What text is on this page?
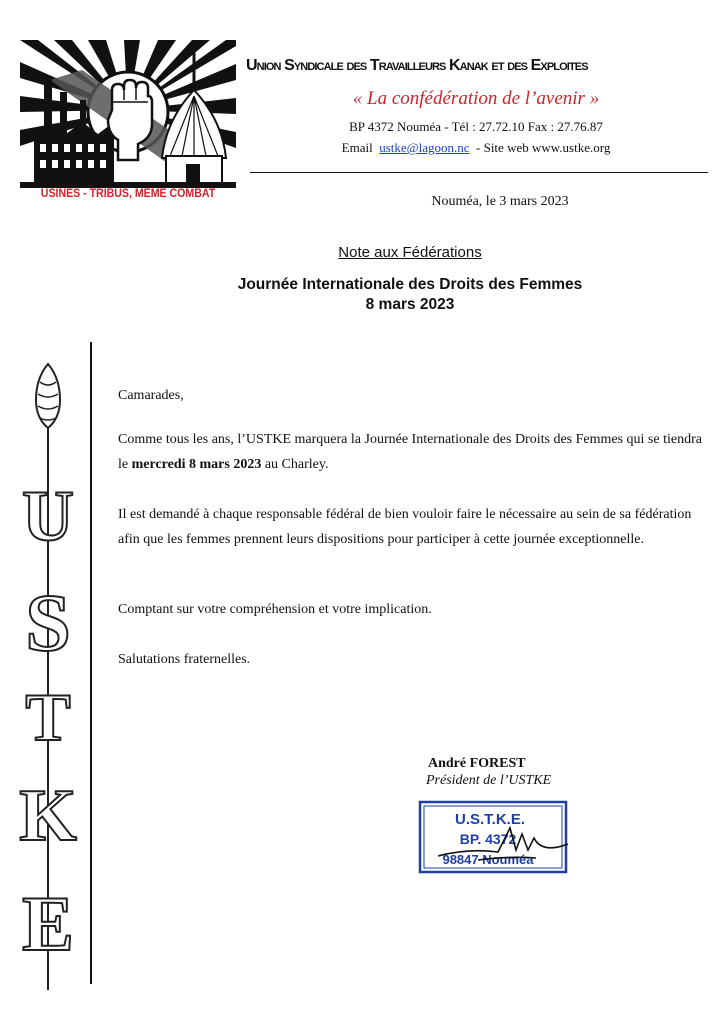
USINES - TRIBUS, MEME COMBAT
Union Syndicale des Travailleurs Kanak et des Exploites
« La confédération de l’avenir »
BP 4372 Nouméa - Tél : 27.72.10 Fax : 27.76.87
Email ustke@lagoon.nc - Site web www.ustke.org
Nouméa, le 3 mars 2023
Note aux Fédérations
Journée Internationale des Droits des Femmes
8 mars 2023
U
S
T
K
E
Camarades,
Comme tous les ans, l’USTKE marquera la Journée Internationale des Droits des Femmes qui se tiendra le mercredi 8 mars 2023 au Charley.
Il est demandé à chaque responsable fédéral de bien vouloir faire le nécessaire au sein de sa fédération afin que les femmes prennent leurs dispositions pour participer à cette journée exceptionnelle.
Comptant sur votre compréhension et votre implication.
Salutations fraternelles.
André FOREST
Président de l’USTKE
U.S.T.K.E.
BP. 4372
98847 Nouméa
